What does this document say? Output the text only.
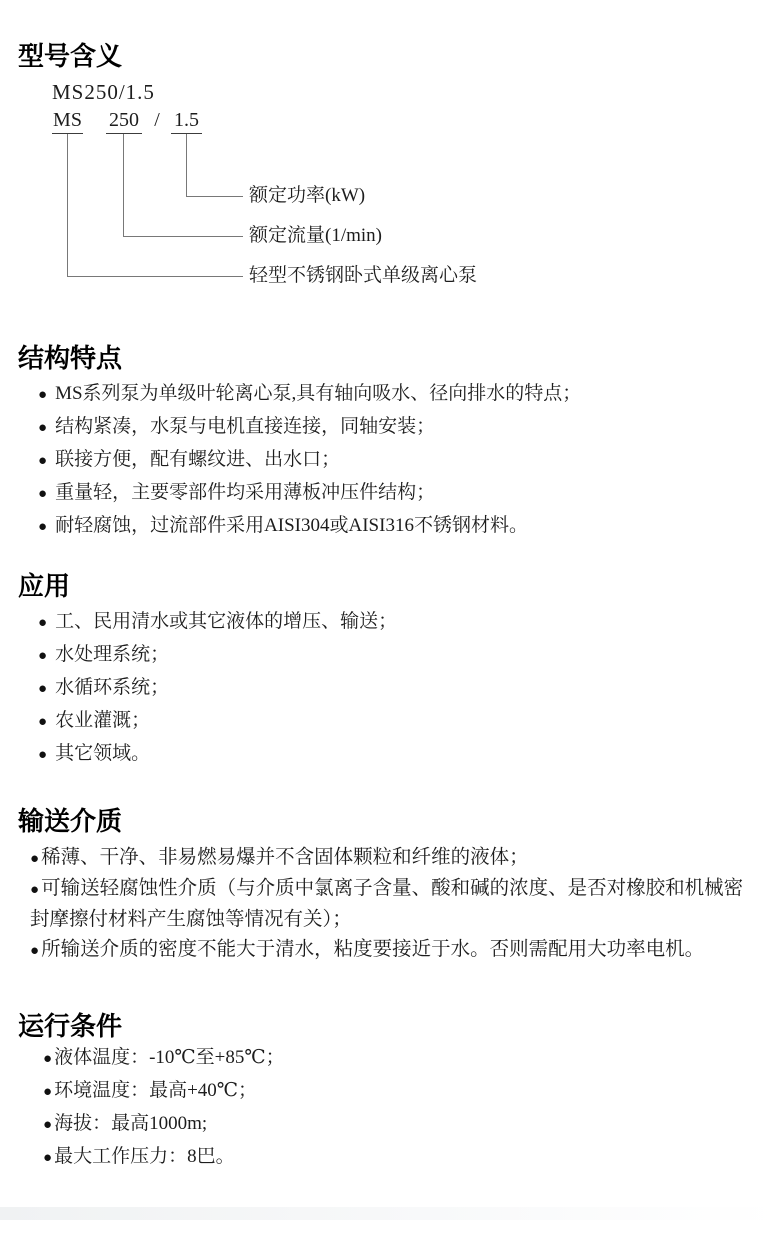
型号含义
MS250/1.5
MS 250 / 1.5
额定功率(kW)
额定流量(1/min)
轻型不锈钢卧式单级离心泵
结构特点
● MS系列泵为单级叶轮离心泵,具有轴向吸水、径向排水的特点；
● 结构紧凑，水泵与电机直接连接，同轴安装；
● 联接方便，配有螺纹进、出水口；
● 重量轻，主要零部件均采用薄板冲压件结构；
● 耐轻腐蚀，过流部件采用AISI304或AISI316不锈钢材料。
应用
● 工、民用清水或其它液体的增压、输送；
● 水处理系统；
● 水循环系统；
● 农业灌溉；
● 其它领域。
输送介质
● 稀薄、干净、非易燃易爆并不含固体颗粒和纤维的液体；
● 可输送轻腐蚀性介质（与介质中氯离子含量、酸和碱的浓度、是否对橡胶和机械密封摩擦付材料产生腐蚀等情况有关）；
● 所输送介质的密度不能大于清水，粘度要接近于水。否则需配用大功率电机。
运行条件
● 液体温度：-10℃至+85℃；
● 环境温度：最高+40℃；
● 海拔：最高1000m;
● 最大工作压力：8巴。
